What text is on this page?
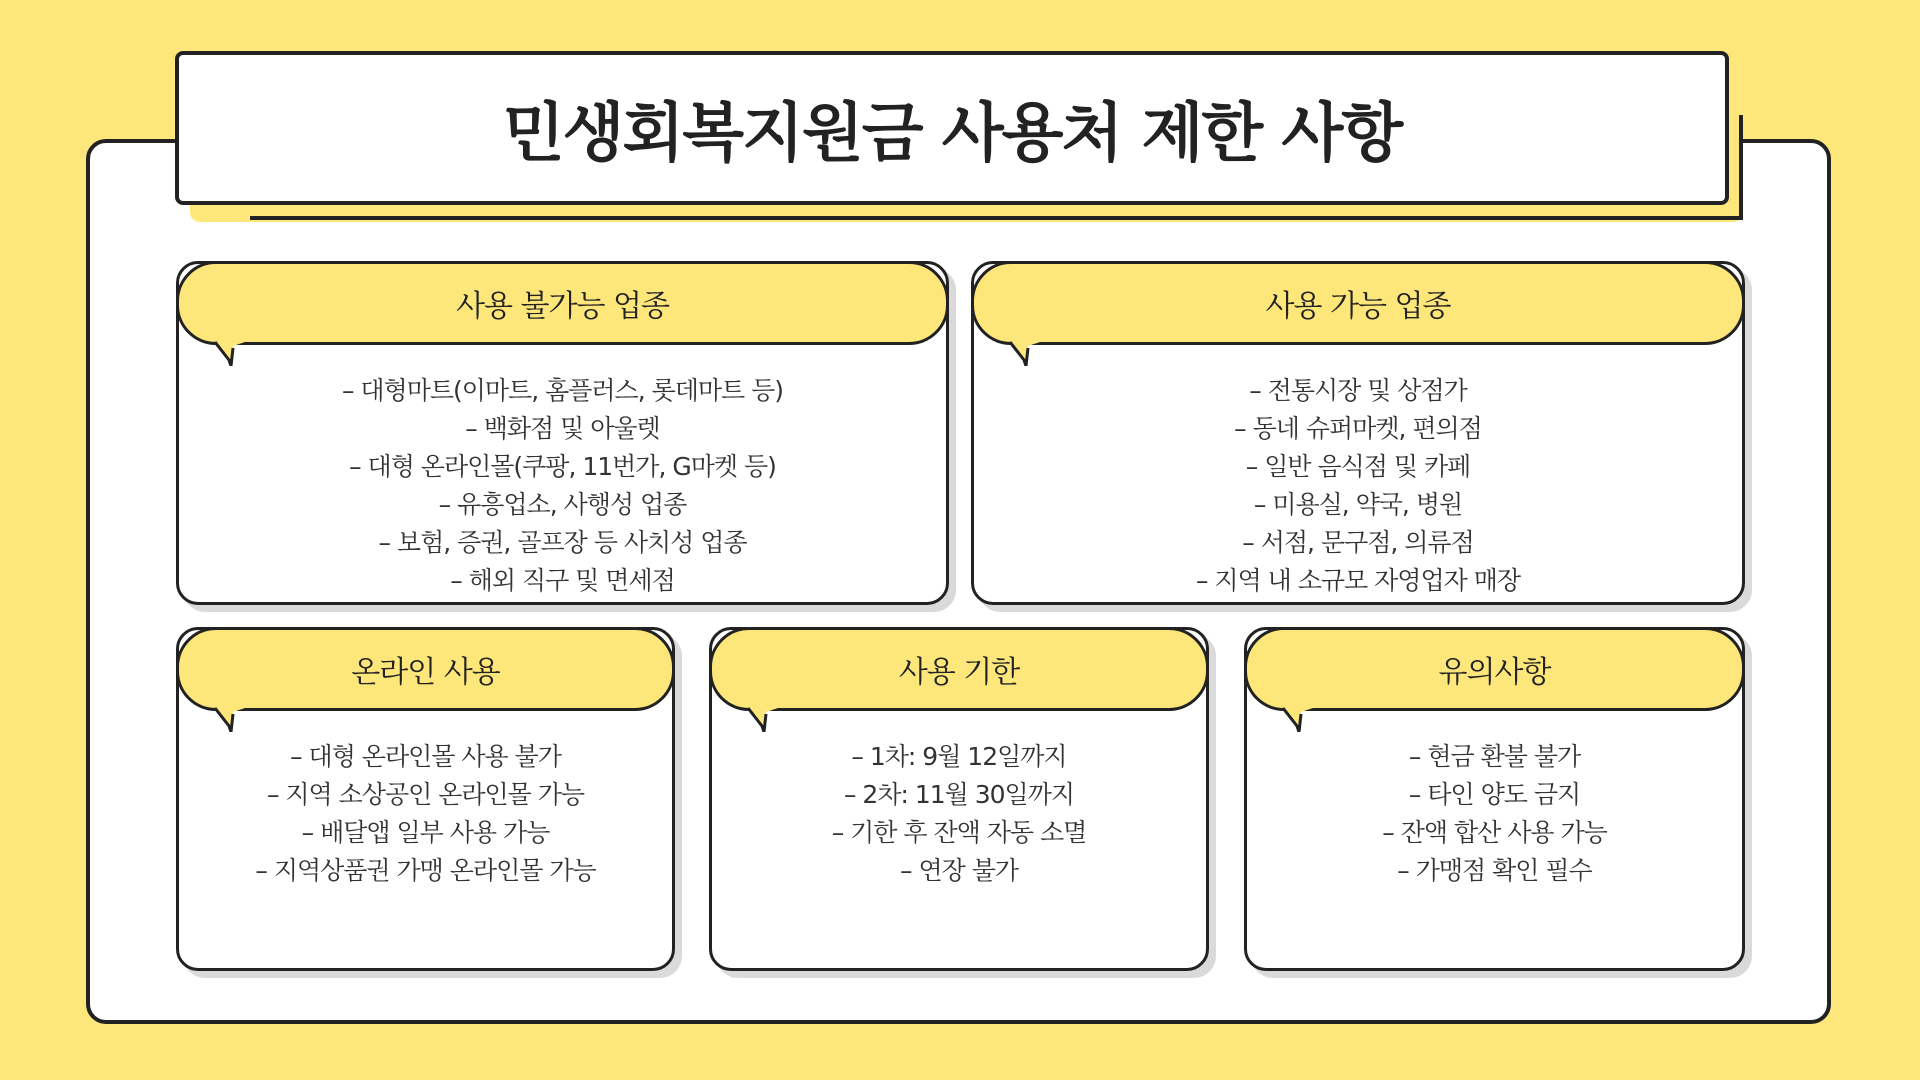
민생회복지원금 사용처 제한 사항
사용 불가능 업종
– 대형마트(이마트, 홈플러스, 롯데마트 등)
– 백화점 및 아울렛
– 대형 온라인몰(쿠팡, 11번가, G마켓 등)
– 유흥업소, 사행성 업종
– 보험, 증권, 골프장 등 사치성 업종
– 해외 직구 및 면세점
사용 가능 업종
– 전통시장 및 상점가
– 동네 슈퍼마켓, 편의점
– 일반 음식점 및 카페
– 미용실, 약국, 병원
– 서점, 문구점, 의류점
– 지역 내 소규모 자영업자 매장
온라인 사용
– 대형 온라인몰 사용 불가
– 지역 소상공인 온라인몰 가능
– 배달앱 일부 사용 가능
– 지역상품권 가맹 온라인몰 가능
사용 기한
– 1차: 9월 12일까지
– 2차: 11월 30일까지
– 기한 후 잔액 자동 소멸
– 연장 불가
유의사항
– 현금 환불 불가
– 타인 양도 금지
– 잔액 합산 사용 가능
– 가맹점 확인 필수
